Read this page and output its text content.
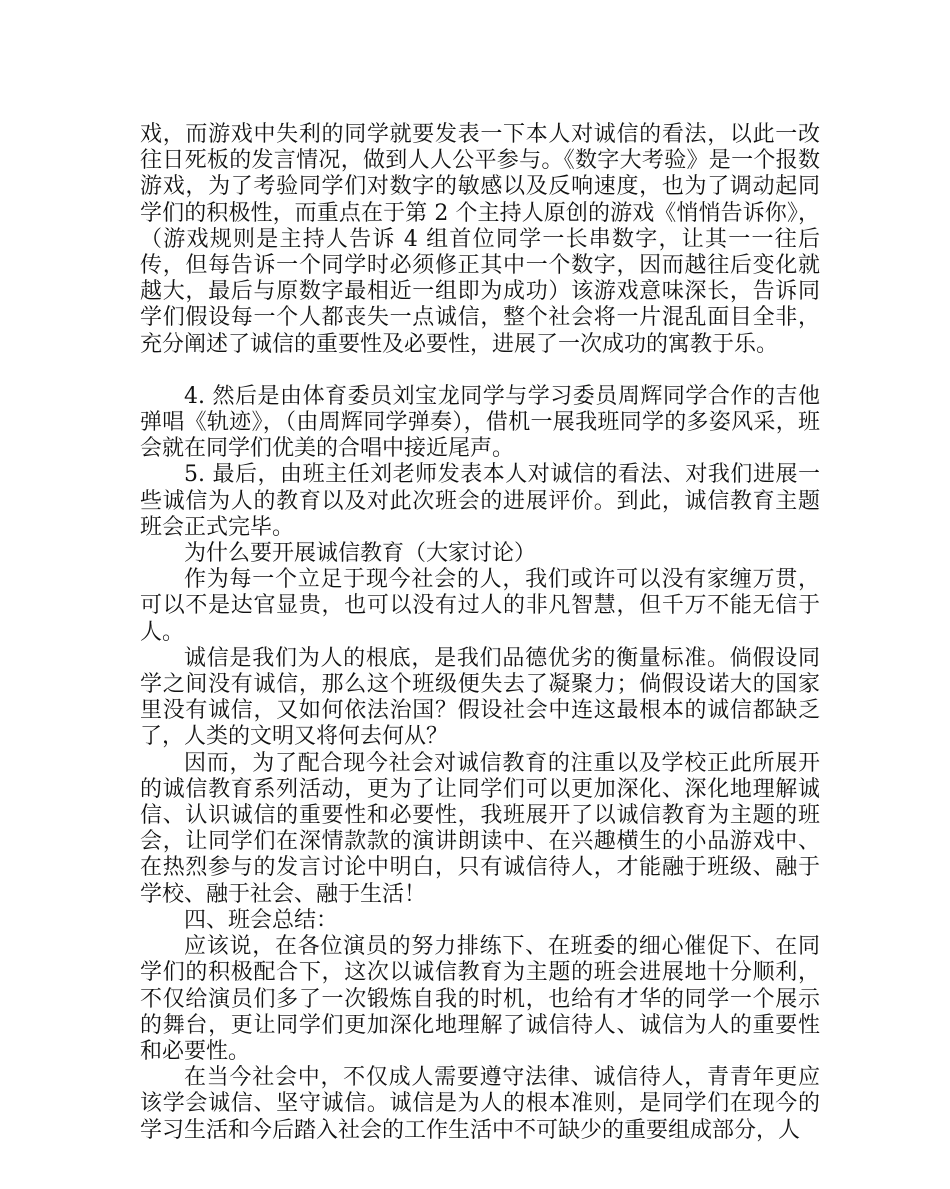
戏，而游戏中失利的同学就要发表一下本人对诚信的看法，以此一改往日死板的发言情况，做到人人公平参与。《数字大考验》是一个报数游戏，为了考验同学们对数字的敏感以及反响速度，也为了调动起同学们的积极性，而重点在于第 2 个主持人原创的游戏《悄悄告诉你》，（游戏规则是主持人告诉 4 组首位同学一长串数字，让其一一往后传，但每告诉一个同学时必须修正其中一个数字，因而越往后变化就越大，最后与原数字最相近一组即为成功）该游戏意味深长，告诉同学们假设每一个人都丧失一点诚信，整个社会将一片混乱面目全非，充分阐述了诚信的重要性及必要性，进展了一次成功的寓教于乐。

4. 然后是由体育委员刘宝龙同学与学习委员周辉同学合作的吉他弹唱《轨迹》，（由周辉同学弹奏），借机一展我班同学的多姿风采，班会就在同学们优美的合唱中接近尾声。

5. 最后，由班主任刘老师发表本人对诚信的看法、对我们进展一些诚信为人的教育以及对此次班会的进展评价。到此，诚信教育主题班会正式完毕。

为什么要开展诚信教育（大家讨论）

作为每一个立足于现今社会的人，我们或许可以没有家缠万贯，可以不是达官显贵，也可以没有过人的非凡智慧，但千万不能无信于人。

诚信是我们为人的根底，是我们品德优劣的衡量标准。倘假设同学之间没有诚信，那么这个班级便失去了凝聚力；倘假设诺大的国家里没有诚信，又如何依法治国？假设社会中连这最根本的诚信都缺乏了，人类的文明又将何去何从？

因而，为了配合现今社会对诚信教育的注重以及学校正此所展开的诚信教育系列活动，更为了让同学们可以更加深化、深化地理解诚信、认识诚信的重要性和必要性，我班展开了以诚信教育为主题的班会，让同学们在深情款款的演讲朗读中、在兴趣横生的小品游戏中、在热烈参与的发言讨论中明白，只有诚信待人，才能融于班级、融于学校、融于社会、融于生活！

四、班会总结：

应该说，在各位演员的努力排练下、在班委的细心催促下、在同学们的积极配合下，这次以诚信教育为主题的班会进展地十分顺利，不仅给演员们多了一次锻炼自我的时机，也给有才华的同学一个展示的舞台，更让同学们更加深化地理解了诚信待人、诚信为人的重要性和必要性。

在当今社会中，不仅成人需要遵守法律、诚信待人，青青年更应该学会诚信、坚守诚信。诚信是为人的根本准则，是同学们在现今的学习生活和今后踏入社会的工作生活中不可缺少的重要组成部分，人
